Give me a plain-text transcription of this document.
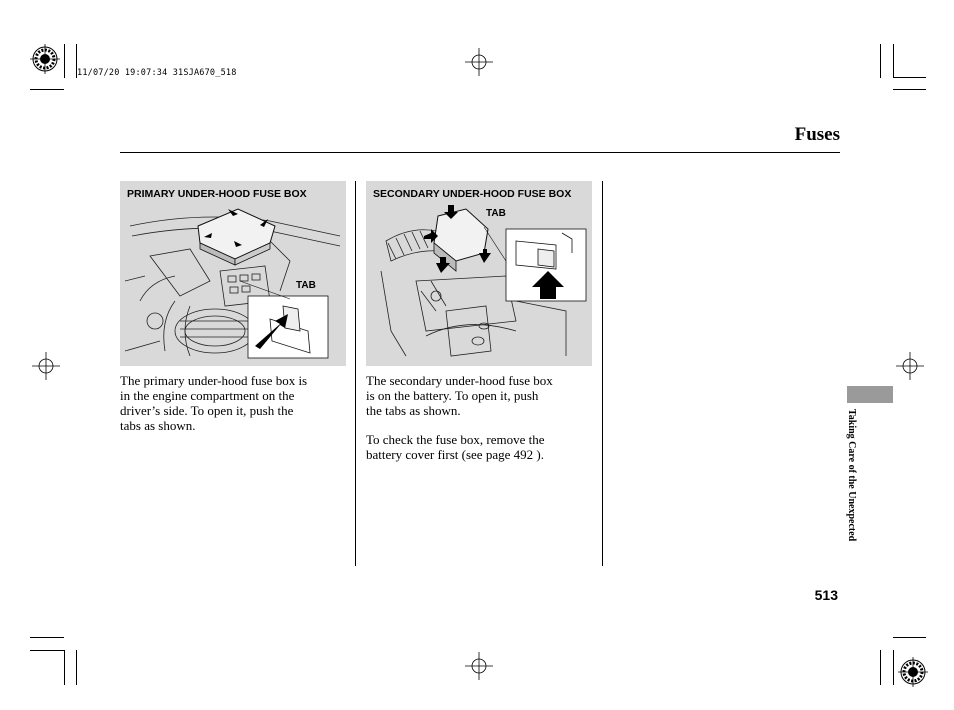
11/07/20 19:07:34 31SJA670_518
Fuses
PRIMARY UNDER-HOOD FUSE BOX
TAB
SECONDARY UNDER-HOOD FUSE BOX
TAB
The primary under-hood fuse box is
in the engine compartment on the
driver’s side. To open it, push the
tabs as shown.
The secondary under-hood fuse box
is on the battery. To open it, push
the tabs as shown.
To check the fuse box, remove the
battery cover first (see page 492 ).	Taking Care of the Unexpected
513
